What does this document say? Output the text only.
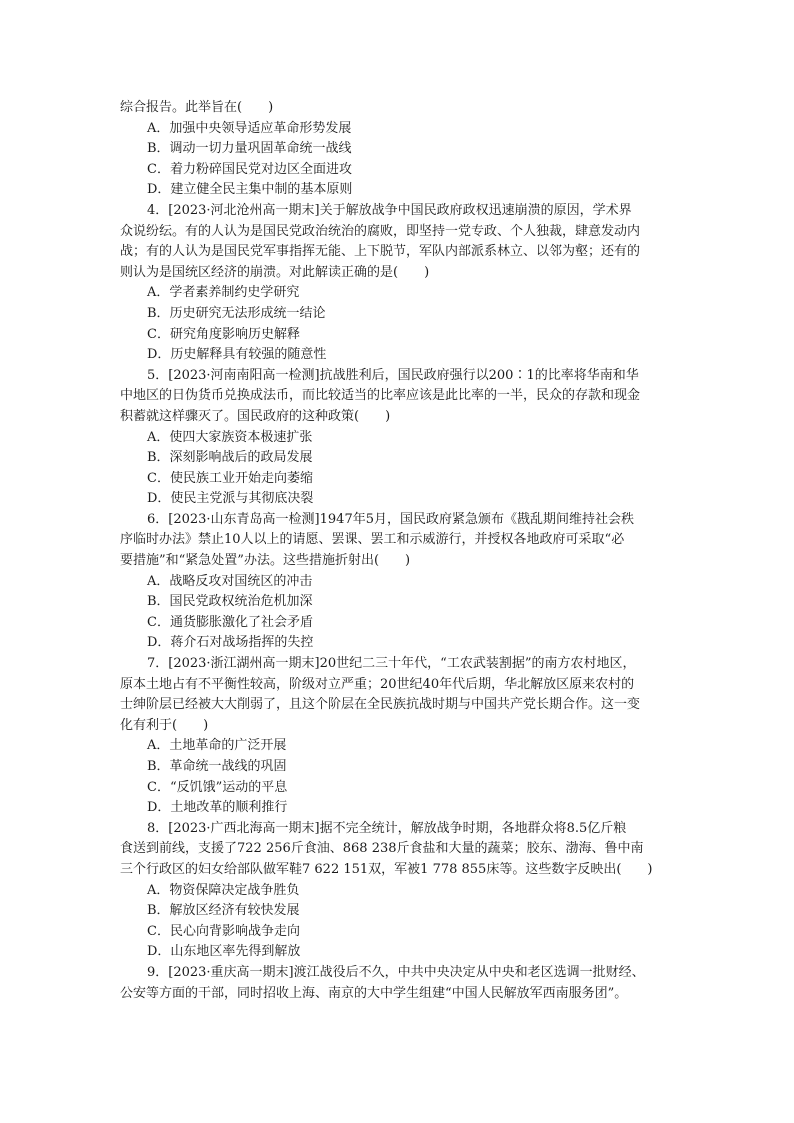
综合报告。此举旨在(　　)
A．加强中央领导适应革命形势发展
B．调动一切力量巩固革命统一战线
C．着力粉碎国民党对边区全面进攻
D．建立健全民主集中制的基本原则
4．[2023·河北沧州高一期末]关于解放战争中国民政府政权迅速崩溃的原因，学术界
众说纷纭。有的人认为是国民党政治统治的腐败，即坚持一党专政、个人独裁，肆意发动内
战；有的人认为是国民党军事指挥无能、上下脱节，军队内部派系林立、以邻为壑；还有的
则认为是国统区经济的崩溃。对此解读正确的是(　　)
A．学者素养制约史学研究
B．历史研究无法形成统一结论
C．研究角度影响历史解释
D．历史解释具有较强的随意性
5．[2023·河南南阳高一检测]抗战胜利后，国民政府强行以200∶1的比率将华南和华
中地区的日伪货币兑换成法币，而比较适当的比率应该是此比率的一半，民众的存款和现金
积蓄就这样骤灭了。国民政府的这种政策(　　)
A．使四大家族资本极速扩张
B．深刻影响战后的政局发展
C．使民族工业开始走向萎缩
D．使民主党派与其彻底决裂
6．[2023·山东青岛高一检测]1947年5月，国民政府紧急颁布《戡乱期间维持社会秩
序临时办法》禁止10人以上的请愿、罢课、罢工和示威游行，并授权各地政府可采取“必
要措施”和“紧急处置”办法。这些措施折射出(　　)
A．战略反攻对国统区的冲击
B．国民党政权统治危机加深
C．通货膨胀激化了社会矛盾
D．蒋介石对战场指挥的失控
7．[2023·浙江湖州高一期末]20世纪二三十年代，“工农武装割据”的南方农村地区，
原本土地占有不平衡性较高，阶级对立严重；20世纪40年代后期，华北解放区原来农村的
士绅阶层已经被大大削弱了，且这个阶层在全民族抗战时期与中国共产党长期合作。这一变
化有利于(　　)
A．土地革命的广泛开展
B．革命统一战线的巩固
C．“反饥饿”运动的平息
D．土地改革的顺利推行
8．[2023·广西北海高一期末]据不完全统计，解放战争时期，各地群众将8.5亿斤粮
食送到前线，支援了722 256斤食油、868 238斤食盐和大量的蔬菜；胶东、渤海、鲁中南
三个行政区的妇女给部队做军鞋7 622 151双，军被1 778 855床等。这些数字反映出(　　)
A．物资保障决定战争胜负
B．解放区经济有较快发展
C．民心向背影响战争走向
D．山东地区率先得到解放
9．[2023·重庆高一期末]渡江战役后不久，中共中央决定从中央和老区选调一批财经、
公安等方面的干部，同时招收上海、南京的大中学生组建“中国人民解放军西南服务团”。
